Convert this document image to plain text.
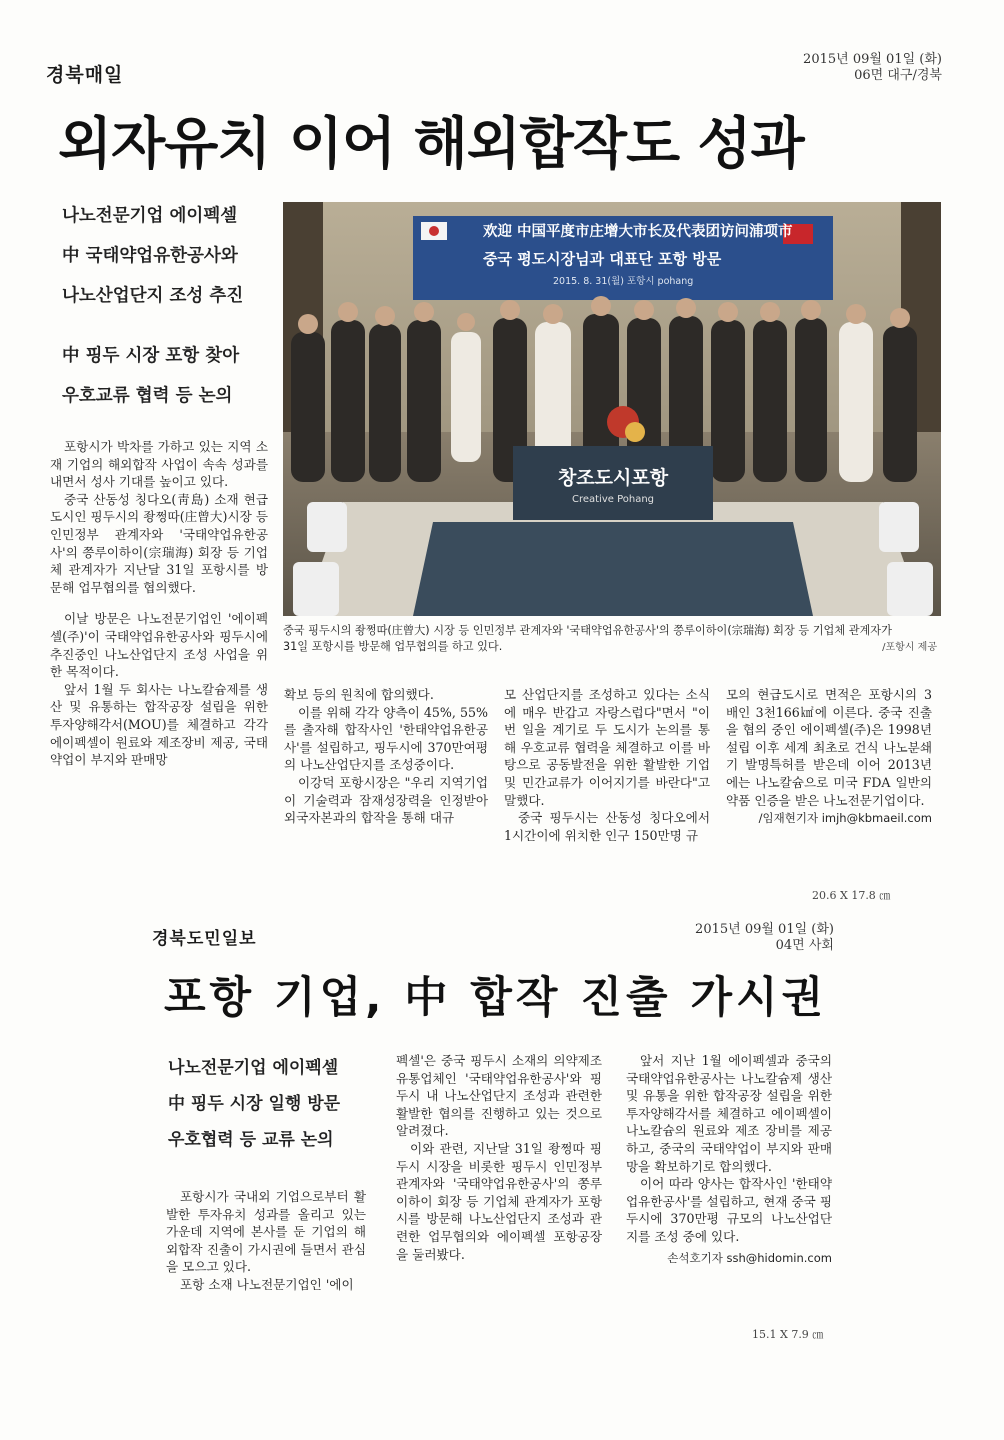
경북매일
2015년 09월 01일 (화)
06면 대구/경북
외자유치 이어 해외합작도 성과
나노전문기업 에이펙셀
中 국태약업유한공사와
나노산업단지 조성 추진
中 핑두 시장 포항 찾아
우호교류 협력 등 논의
欢迎 中国平度市庄增大市长及代表团访问浦项市
중국 평도시장님과 대표단 포항 방문
2015. 8. 31(월) 포항시 pohang
창조도시포항
Creative Pohang
중국 핑두시의 좡쩡따(庄曾大) 시장 등 인민정부 관계자와 '국태약업유한공사'의 쯩루이하이(宗瑞海) 회장 등 기업체 관계자가
31일 포항시를 방문해 업무협의를 하고 있다.	/포항시 제공

포항시가 박차를 가하고 있는 지역 소재 기업의 해외합작 사업이 속속 성과를 내면서 성사 기대를 높이고 있다.

중국 산동성 칭다오(靑島) 소재 현급도시인 핑두시의 좡쩡따(庄曾大)시장 등 인민정부 관계자와 '국태약업유한공사'의 쯩루이하이(宗瑞海) 회장 등 기업체 관계자가 지난달 31일 포항시를 방문해 업무협의를 협의했다.

이날 방문은 나노전문기업인 '에이펙셀(주)'이 국태약업유한공사와 핑두시에 추진중인 나노산업단지 조성 사업을 위한 목적이다.

앞서 1월 두 회사는 나노칼슘제를 생산 및 유통하는 합작공장 설립을 위한 투자양해각서(MOU)를 체결하고 각각 에이펙셀이 원료와 제조장비 제공, 국태약업이 부지와 판매망

확보 등의 원칙에 합의했다.

이를 위해 각각 양측이 45%, 55%를 출자해 합작사인 '한태약업유한공사'를 설립하고, 핑두시에 370만여평의 나노산업단지를 조성중이다.

이강덕 포항시장은 "우리 지역기업이 기술력과 잠재성장력을 인정받아 외국자본과의 합작을 통해 대규

모 산업단지를 조성하고 있다는 소식에 매우 반갑고 자랑스럽다"면서 "이번 일을 계기로 두 도시가 논의를 통해 우호교류 협력을 체결하고 이를 바탕으로 공동발전을 위한 활발한 기업 및 민간교류가 이어지기를 바란다"고 말했다.

중국 핑두시는 산동성 칭다오에서 1시간이에 위치한 인구 150만명 규

모의 현급도시로 면적은 포항시의 3배인 3천166㎢에 이른다. 중국 진출을 협의 중인 에이펙셀(주)은 1998년 설립 이후 세계 최초로 건식 나노분쇄기 발명특허를 받은데 이어 2013년에는 나노칼슘으로 미국 FDA 일반의약품 인증을 받은 나노전문기업이다.

/임재현기자 imjh@kbmaeil.com
20.6 X 17.8 ㎝
경북도민일보	2015년 09월 01일 (화)
04면 사회
포항 기업, 中 합작 진출 가시권
나노전문기업 에이펙셀
中 핑두 시장 일행 방문
우호협력 등 교류 논의

포항시가 국내외 기업으로부터 활발한 투자유치 성과를 올리고 있는 가운데 지역에 본사를 둔 기업의 해외합작 진출이 가시권에 들면서 관심을 모으고 있다.

포항 소재 나노전문기업인 '에이

펙셀'은 중국 핑두시 소재의 의약제조유통업체인 '국태약업유한공사'와 핑두시 내 나노산업단지 조성과 관련한 활발한 협의를 진행하고 있는 것으로 알려졌다.

이와 관련, 지난달 31일 좡쩡따 핑두시 시장을 비롯한 핑두시 인민정부 관계자와 '국태약업유한공사'의 쫑루이하이 회장 등 기업체 관계자가 포항시를 방문해 나노산업단지 조성과 관련한 업무협의와 에이펙셀 포항공장을 둘러봤다.

앞서 지난 1월 에이펙셀과 중국의 국태약업유한공사는 나노칼슘제 생산 및 유통을 위한 합작공장 설립을 위한 투자양해각서를 체결하고 에이펙셀이 나노칼슘의 원료와 제조 장비를 제공하고, 중국의 국태약업이 부지와 판매망을 확보하기로 합의했다.

이어 따라 양사는 합작사인 '한태약업유한공사'를 설립하고, 현재 중국 핑두시에 370만평 규모의 나노산업단지를 조성 중에 있다.

손석호기자 ssh@hidomin.com
15.1 X 7.9 ㎝
